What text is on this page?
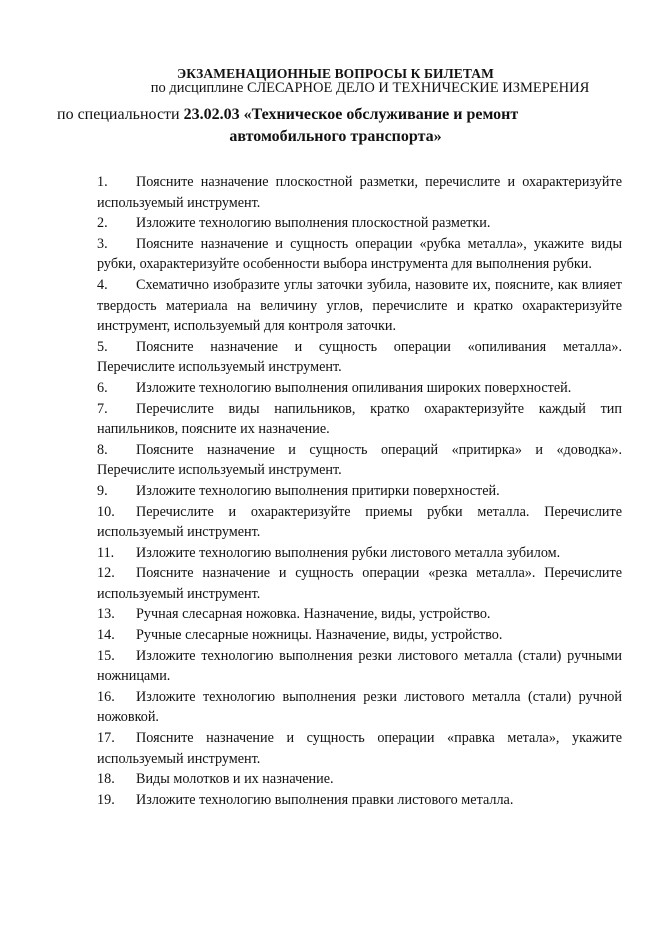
ЭКЗАМЕНАЦИОННЫЕ ВОПРОСЫ К БИЛЕТАМ
по дисциплине СЛЕСАРНОЕ ДЕЛО И ТЕХНИЧЕСКИЕ ИЗМЕРЕНИЯ
по специальности 23.02.03 «Техническое обслуживание и ремонт
автомобильного транспорта»

1. Поясните назначение плоскостной разметки, перечислите и охарактеризуйте используемый инструмент.

2. Изложите технологию выполнения плоскостной разметки.

3. Поясните назначение и сущность операции «рубка металла», укажите виды рубки, охарактеризуйте особенности выбора инструмента для выполнения рубки.

4. Схематично изобразите углы заточки зубила, назовите их, поясните, как влияет твердость материала на величину углов, перечислите и кратко охарактеризуйте инструмент, используемый для контроля заточки.

5. Поясните назначение и сущность операции «опиливания металла». Перечислите используемый инструмент.

6. Изложите технологию выполнения опиливания широких поверхностей.

7. Перечислите виды напильников, кратко охарактеризуйте каждый тип напильников, поясните их назначение.

8. Поясните назначение и сущность операций «притирка» и «доводка». Перечислите используемый инструмент.

9. Изложите технологию выполнения притирки поверхностей.

10. Перечислите и охарактеризуйте приемы рубки металла. Перечислите используемый инструмент.

11. Изложите технологию выполнения рубки листового металла зубилом.

12. Поясните назначение и сущность операции «резка металла». Перечислите используемый инструмент.

13. Ручная слесарная ножовка. Назначение, виды, устройство.

14. Ручные слесарные ножницы. Назначение, виды, устройство.

15. Изложите технологию выполнения резки листового металла (стали) ручными ножницами.

16. Изложите технологию выполнения резки листового металла (стали) ручной ножовкой.

17. Поясните назначение и сущность операции «правка метала», укажите используемый инструмент.

18. Виды молотков и их назначение.

19. Изложите технологию выполнения правки листового металла.
